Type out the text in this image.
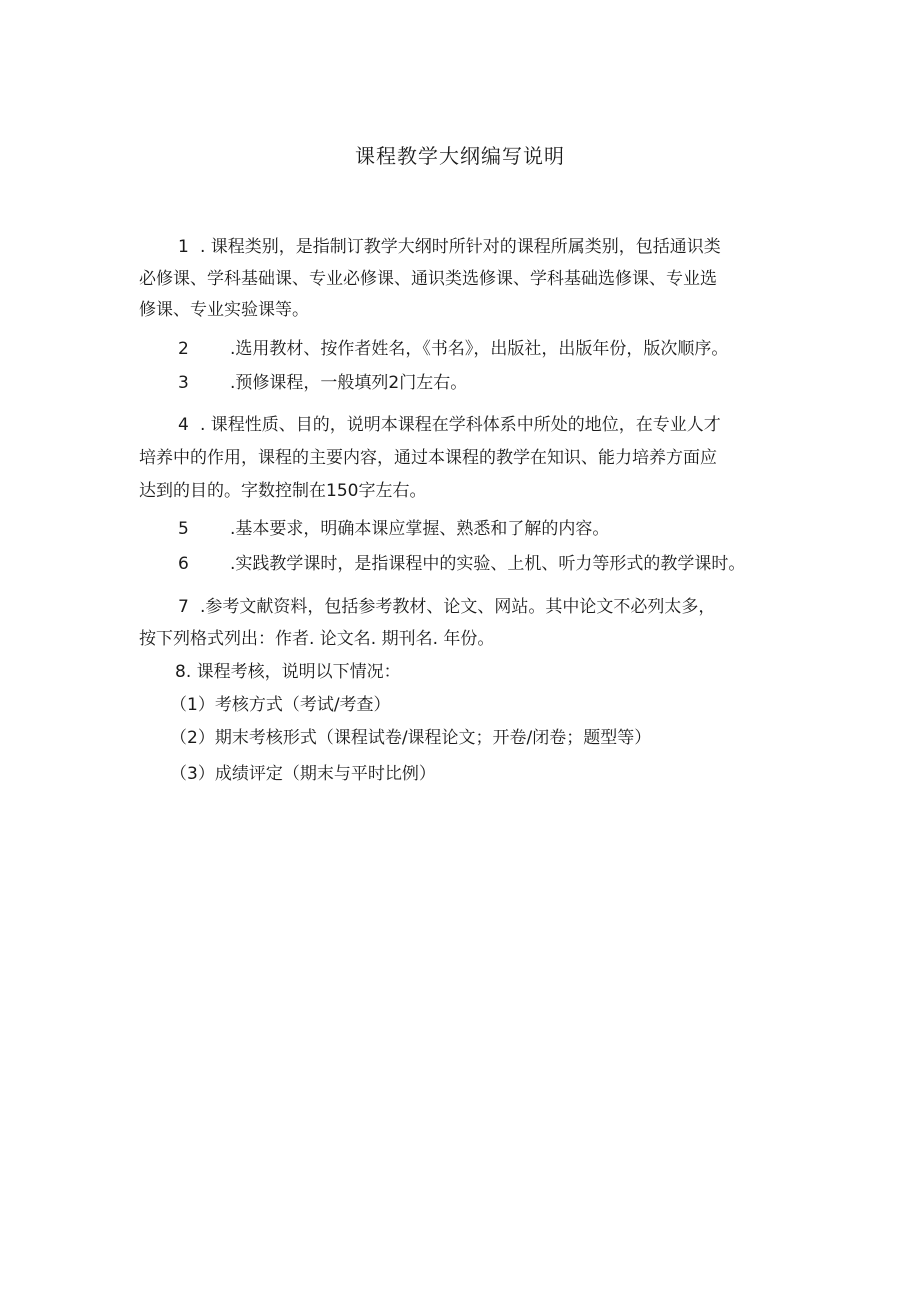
课程教学大纲编写说明
1 . 课程类别，是指制订教学大纲时所针对的课程所属类别，包括通识类
必修课、学科基础课、专业必修课、通识类选修课、学科基础选修课、专业选
修课、专业实验课等。
2 .选用教材、按作者姓名，《书名》，出版社，出版年份，版次顺序。
3 .预修课程，一般填列2门左右。
4 . 课程性质、目的，说明本课程在学科体系中所处的地位，在专业人才
培养中的作用，课程的主要内容，通过本课程的教学在知识、能力培养方面应
达到的目的。字数控制在150字左右。
5 .基本要求，明确本课应掌握、熟悉和了解的内容。
6 .实践教学课时，是指课程中的实验、上机、听力等形式的教学课时。
7 .参考文献资料，包括参考教材、论文、网站。其中论文不必列太多，
按下列格式列出：作者. 论文名. 期刊名. 年份。
8. 课程考核，说明以下情况：
（1）考核方式（考试/考查）
（2）期末考核形式（课程试卷/课程论文；开卷/闭卷；题型等）
（3）成绩评定（期末与平时比例）
